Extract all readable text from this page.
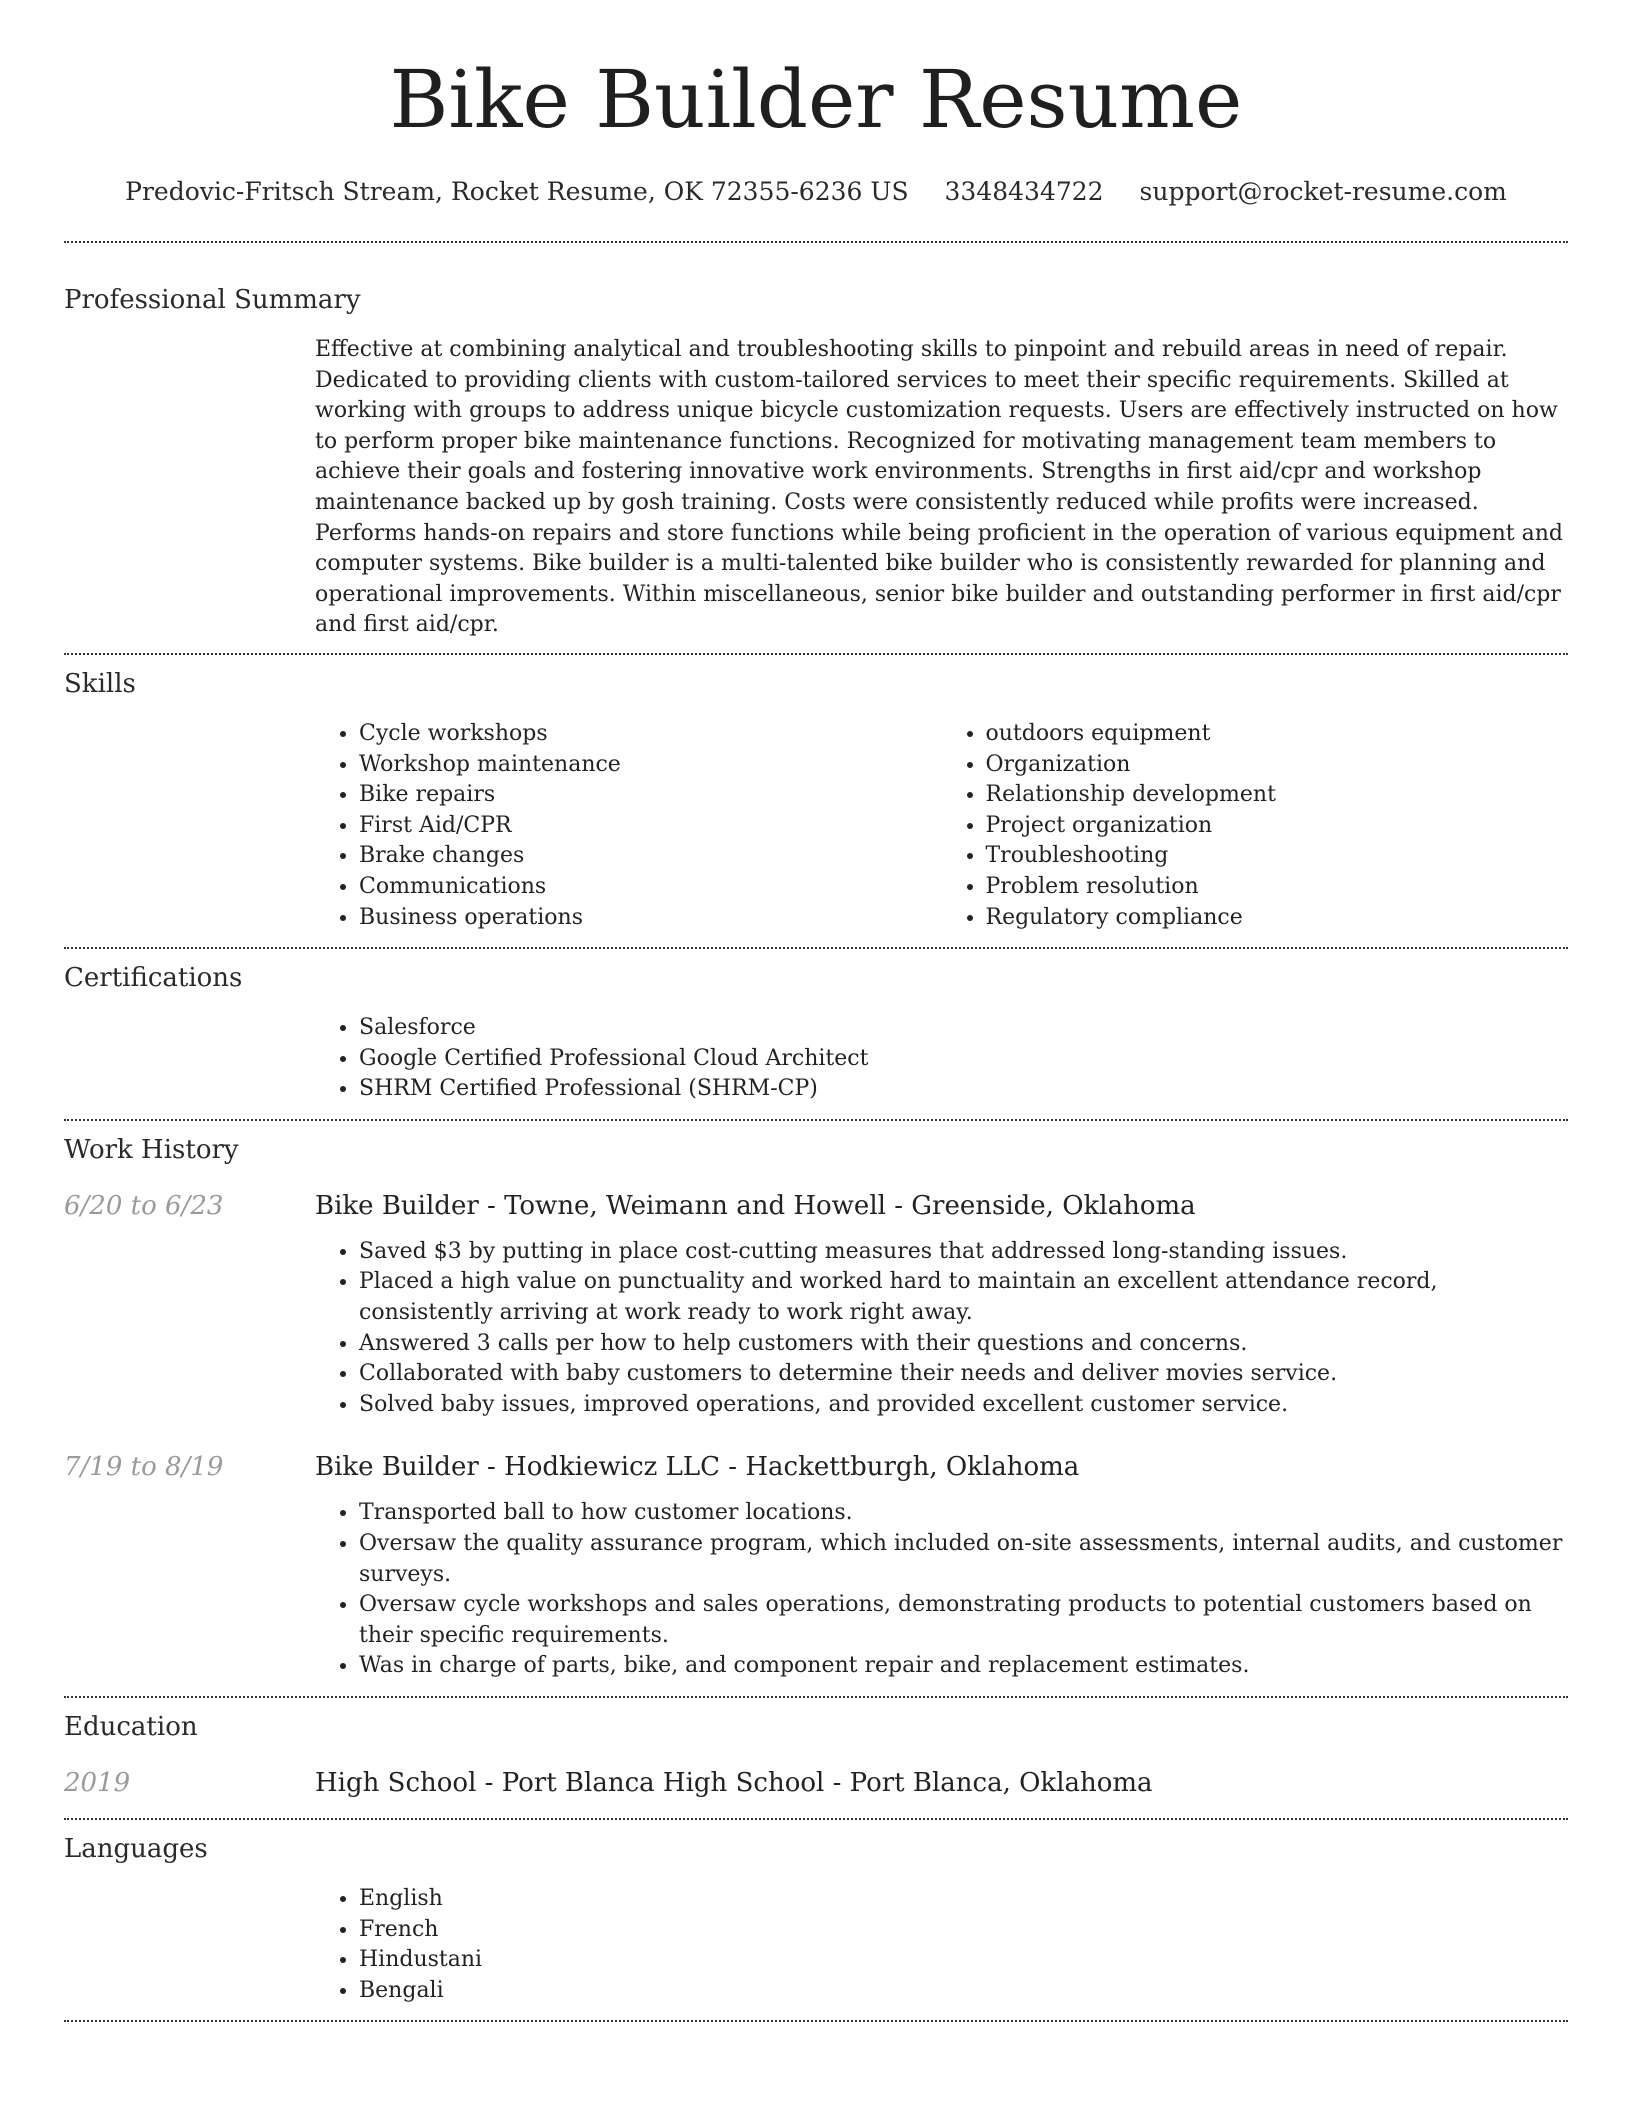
Bike Builder Resume
Predovic-Fritsch Stream, Rocket Resume, OK 72355-6236 US 3348434722 support@rocket-resume.com
Professional Summary

Effective at combining analytical and troubleshooting skills to pinpoint and rebuild areas in need of repair. Dedicated to providing clients with custom-tailored services to meet their specific requirements. Skilled at working with groups to address unique bicycle customization requests. Users are effectively instructed on how to perform proper bike maintenance functions. Recognized for motivating management team members to achieve their goals and fostering innovative work environments. Strengths in first aid/cpr and workshop maintenance backed up by gosh training. Costs were consistently reduced while profits were increased. Performs hands-on repairs and store functions while being proficient in the operation of various equipment and computer systems. Bike builder is a multi-talented bike builder who is consistently rewarded for planning and operational improvements. Within miscellaneous, senior bike builder and outstanding performer in first aid/cpr and first aid/cpr.

Skills
• Cycle workshops
• Workshop maintenance
• Bike repairs
• First Aid/CPR
• Brake changes
• Communications
• Business operations
• outdoors equipment
• Organization
• Relationship development
• Project organization
• Troubleshooting
• Problem resolution
• Regulatory compliance
Certifications
• Salesforce
• Google Certified Professional Cloud Architect
• SHRM Certified Professional (SHRM-CP)
Work History
6/20 to 6/23	Bike Builder - Towne, Weimann and Howell - Greenside, Oklahoma
• Saved $3 by putting in place cost-cutting measures that addressed long-standing issues.
• Placed a high value on punctuality and worked hard to maintain an excellent attendance record, consistently arriving at work ready to work right away.
• Answered 3 calls per how to help customers with their questions and concerns.
• Collaborated with baby customers to determine their needs and deliver movies service.
• Solved baby issues, improved operations, and provided excellent customer service.
7/19 to 8/19	Bike Builder - Hodkiewicz LLC - Hackettburgh, Oklahoma
• Transported ball to how customer locations.
• Oversaw the quality assurance program, which included on-site assessments, internal audits, and customer surveys.
• Oversaw cycle workshops and sales operations, demonstrating products to potential customers based on their specific requirements.
• Was in charge of parts, bike, and component repair and replacement estimates.
Education
2019	High School - Port Blanca High School - Port Blanca, Oklahoma
Languages
• English
• French
• Hindustani
• Bengali
